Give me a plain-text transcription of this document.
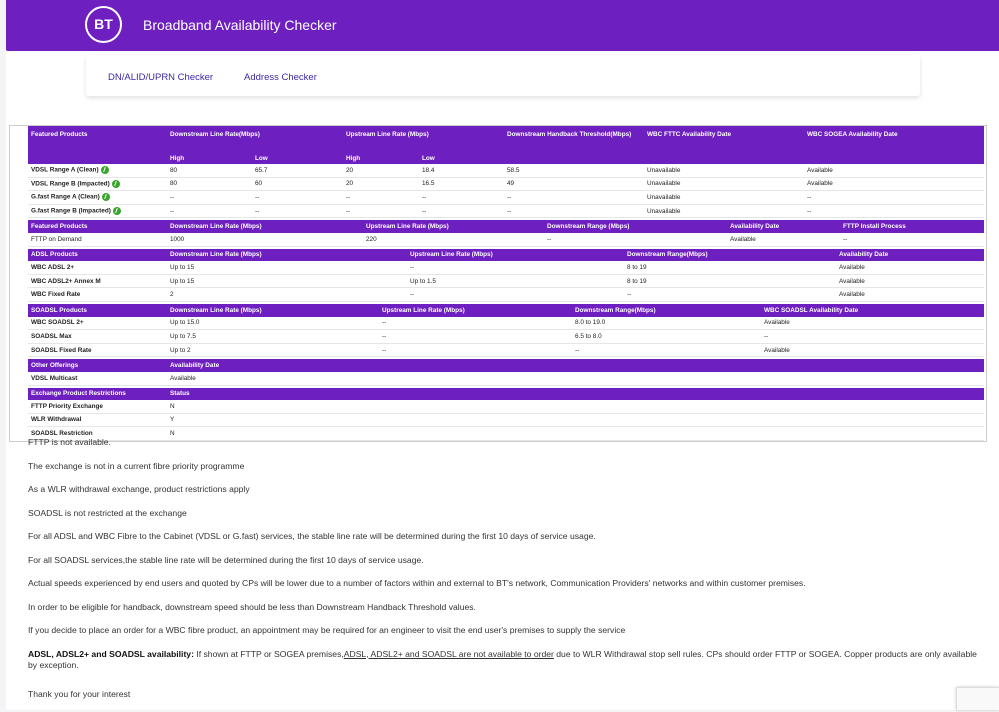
BT	Broadband Availability Checker
DN/ALID/UPRN Checker	Address Checker
Featured Products	Downstream Line Rate(Mbps)		Upstream Line Rate (Mbps)		Downstream Handback Threshold(Mbps)	WBC FTTC Availability Date	WBC SOGEA Availability Date
	High	Low	High	Low			
VDSL Range A (Clean)	80	65.7	20	18.4	58.5	Unavailable	Available
VDSL Range B (Impacted)	80	60	20	16.5	49	Unavailable	Available
G.fast Range A (Clean)	--	--	--	--	--	Unavailable	--
G.fast Range B (Impacted)	--	--	--	--	--	Unavailable	--
Featured Products	Downstream Line Rate (Mbps)	Upstream Line Rate (Mbps)	Downstream Range (Mbps)	Availability Date	FTTP Install Process
FTTP on Demand	1000	220	--	Available	--
ADSL Products	Downstream Line Rate (Mbps)	Upstream Line Rate (Mbps)	Downstream Range(Mbps)	Availability Date
WBC ADSL 2+	Up to 15	--	8 to 19	Available
WBC ADSL2+ Annex M	Up to 15	Up to 1.5	8 to 19	Available
WBC Fixed Rate	2	--	--	Available
SOADSL Products	Downstream Line Rate (Mbps)	Upstream Line Rate (Mbps)	Downstream Range(Mbps)	WBC SOADSL Availability Date
WBC SOADSL 2+	Up to 15.0	--	8.0 to 19.0	Available
SOADSL Max	Up to 7.5	--	6.5 to 8.0	--
SOADSL Fixed Rate	Up to 2	--	--	Available
Other Offerings	Availability Date
VDSL Multicast	Available
Exchange Product Restrictions	Status
FTTP Priority Exchange	N
WLR Withdrawal	Y
SOADSL Restriction	N

FTTP is not available.

The exchange is not in a current fibre priority programme

As a WLR withdrawal exchange, product restrictions apply

SOADSL is not restricted at the exchange

For all ADSL and WBC Fibre to the Cabinet (VDSL or G.fast) services, the stable line rate will be determined during the first 10 days of service usage.

For all SOADSL services,the stable line rate will be determined during the first 10 days of service usage.

Actual speeds experienced by end users and quoted by CPs will be lower due to a number of factors within and external to BT's network, Communication Providers' networks and within customer premises.

In order to be eligible for handback, downstream speed should be less than Downstream Handback Threshold values.

If you decide to place an order for a WBC fibre product, an appointment may be required for an engineer to visit the end user's premises to supply the service

ADSL, ADSL2+ and SOADSL availability: If shown at FTTP or SOGEA premises,ADSL, ADSL2+ and SOADSL are not available to order due to WLR Withdrawal stop sell rules. CPs should order FTTP or SOGEA. Copper products are only available by exception.

Thank you for your interest
